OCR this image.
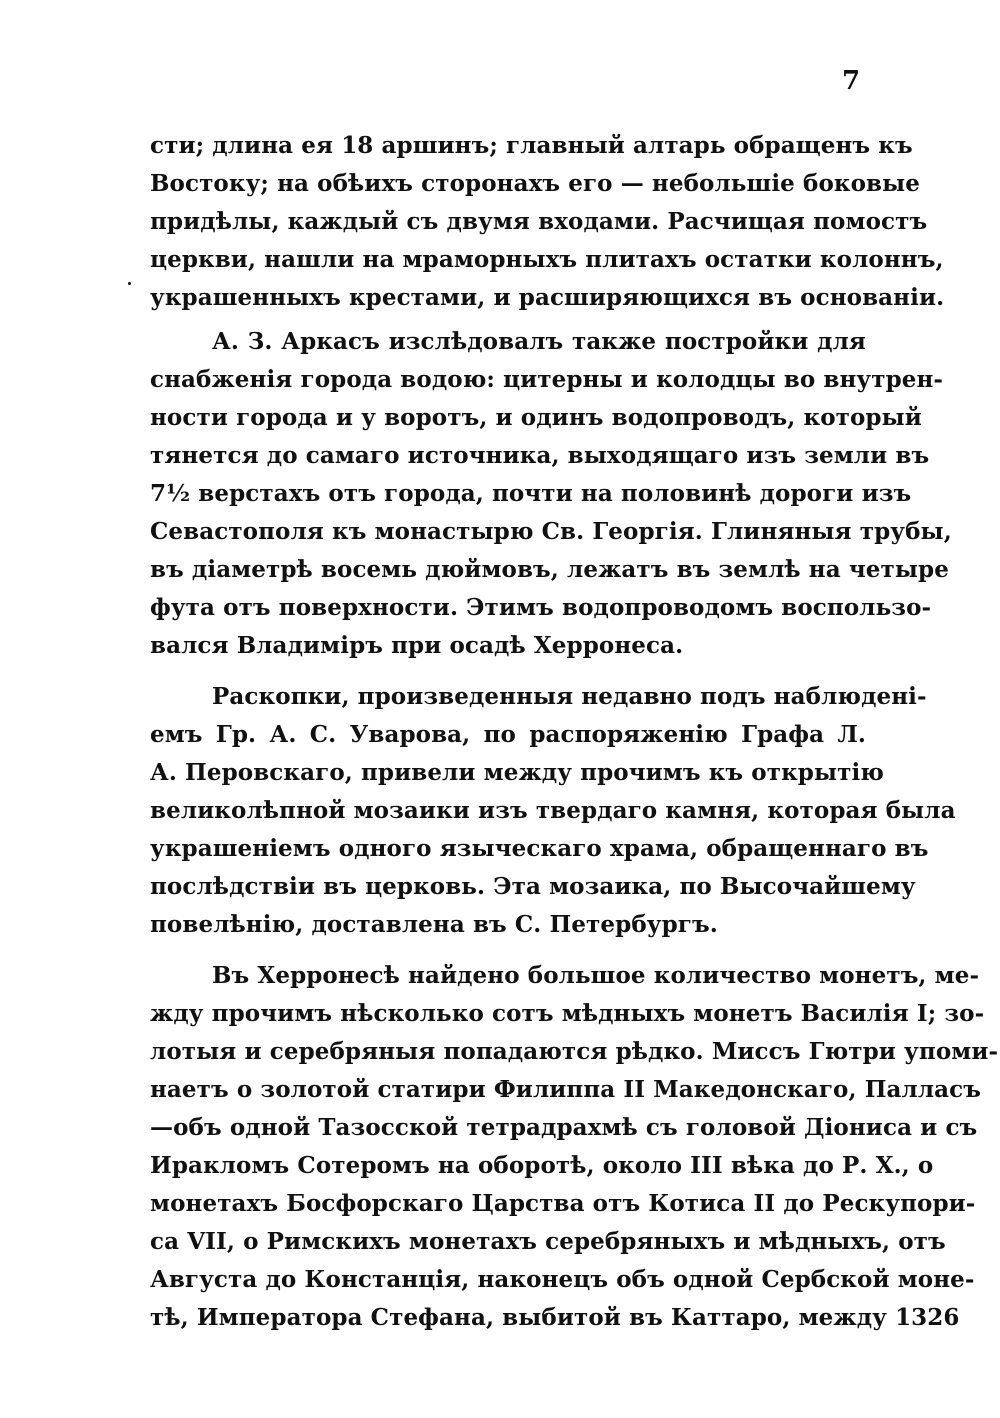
7
сти; длина ея 18 аршинъ; главный алтарь обращенъ къ
Востоку; на обѣихъ сторонахъ его — небольшіе боковые
придѣлы, каждый съ двумя входами. Расчищая помостъ
церкви, нашли на мраморныхъ плитахъ остатки колоннъ,
украшенныхъ крестами, и расширяющихся въ основаніи.
А. З. Аркасъ изслѣдовалъ также постройки для
снабженія города водою: цитерны и колодцы во внутрен-
ности города и у воротъ, и одинъ водопроводъ, который
тянется до самаго источника, выходящаго изъ земли въ
7½ верстахъ отъ города, почти на половинѣ дороги изъ
Севастополя къ монастырю Св. Георгія. Глиняныя трубы,
въ діаметрѣ восемь дюймовъ, лежатъ въ землѣ на четыре
фута отъ поверхности. Этимъ водопроводомъ воспользо-
вался Владиміръ при осадѣ Херронеса.
Раскопки, произведенныя недавно подъ наблюдені-
емъ Гр. А. С. Уварова, по распоряженію Графа Л.
А. Перовскаго, привели между прочимъ къ открытію
великолѣпной мозаики изъ твердаго камня, которая была
украшеніемъ одного языческаго храма, обращеннаго въ
послѣдствіи въ церковь. Эта мозаика, по Высочайшему
повелѣнію, доставлена въ С. Петербургъ.
Въ Херронесѣ найдено большое количество монетъ, ме-
жду прочимъ нѣсколько сотъ мѣдныхъ монетъ Василія I; зо-
лотыя и серебряныя попадаются рѣдко. Миссъ Гютри упоми-
наетъ о золотой статири Филиппа II Македонскаго, Палласъ
—объ одной Тазосской тетрадрахмѣ съ головой Діониса и съ
Иракломъ Сотеромъ на оборотѣ, около III вѣка до Р. Х., о
монетахъ Босфорскаго Царства отъ Котиса II до Рескупори-
са VII, о Римскихъ монетахъ серебряныхъ и мѣдныхъ, отъ
Августа до Констанція, наконецъ объ одной Сербской моне-
тѣ, Императора Стефана, выбитой въ Каттаро, между 1326
